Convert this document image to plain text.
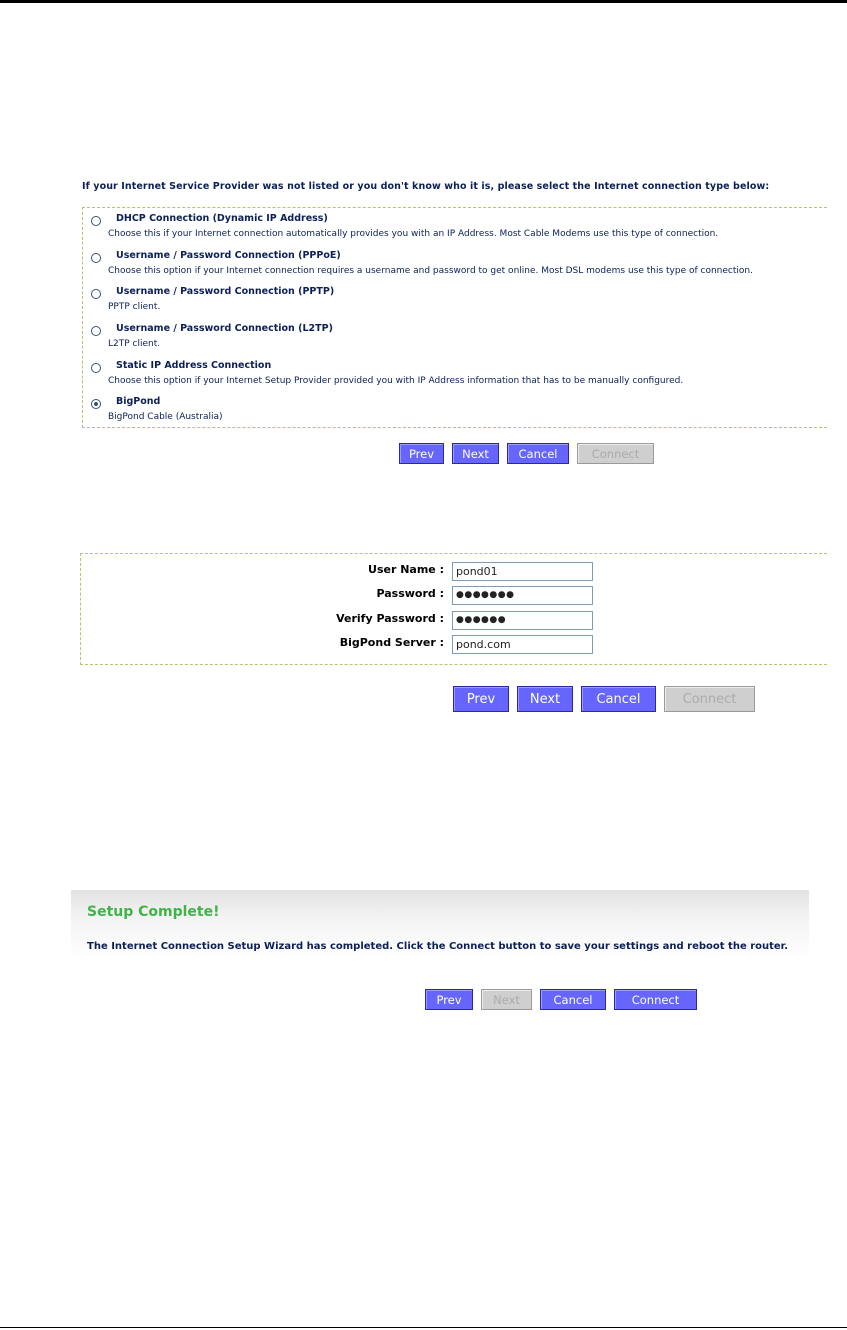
If your Internet Service Provider was not listed or you don't know who it is, please select the Internet connection type below:
DHCP Connection (Dynamic IP Address)
Choose this if your Internet connection automatically provides you with an IP Address. Most Cable Modems use this type of connection.
Username / Password Connection (PPPoE)
Choose this option if your Internet connection requires a username and password to get online. Most DSL modems use this type of connection.
Username / Password Connection (PPTP)
PPTP client.
Username / Password Connection (L2TP)
L2TP client.
Static IP Address Connection
Choose this option if your Internet Setup Provider provided you with IP Address information that has to be manually configured.
BigPond
BigPond Cable (Australia)
Prev	Next	Cancel	Connect
User Name :	pond01
Password :	●●●●●●●
Verify Password :	●●●●●●
BigPond Server :	pond.com
Prev	Next	Cancel	Connect
Setup Complete!
The Internet Connection Setup Wizard has completed. Click the Connect button to save your settings and reboot the router.
Prev	Next	Cancel	Connect
